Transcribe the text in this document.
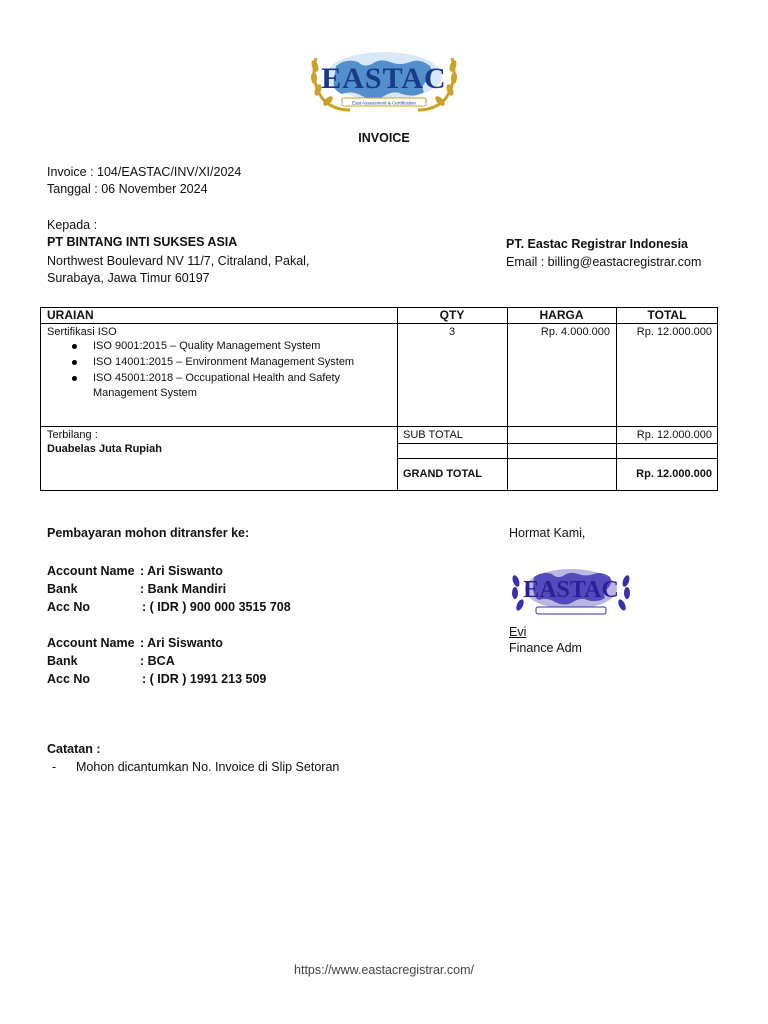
EASTAC
East Assessment & Certification
INVOICE
Invoice : 104/EASTAC/INV/XI/2024
Tanggal : 06 November 2024
Kepada :
PT BINTANG INTI SUKSES ASIA
Northwest Boulevard NV 11/7, Citraland, Pakal,
Surabaya, Jawa Timur 60197
PT. Eastac Registrar Indonesia
Email : billing@eastacregistrar.com
URAIAN	QTY	HARGA	TOTAL
Sertifikasi ISO
ISO 9001:2015 – Quality Management System
ISO 14001:2015 – Environment Management System
ISO 45001:2018 – Occupational Health and Safety
Management System
3	Rp. 4.000.000	Rp. 12.000.000
Terbilang :
Duabelas Juta Rupiah
SUB TOTAL	Rp. 12.000.000
GRAND TOTAL	Rp. 12.000.000
Pembayaran mohon ditransfer ke:
Account Name : Ari Siswanto
Bank	: Bank Mandiri
Acc No	: ( IDR ) 900 000 3515 708
Account Name : Ari Siswanto
Bank	: BCA
Acc No	: ( IDR ) 1991 213 509
Hormat Kami,
EASTAC
Evi
Finance Adm
Catatan :
- Mohon dicantumkan No. Invoice di Slip Setoran
https://www.eastacregistrar.com/
